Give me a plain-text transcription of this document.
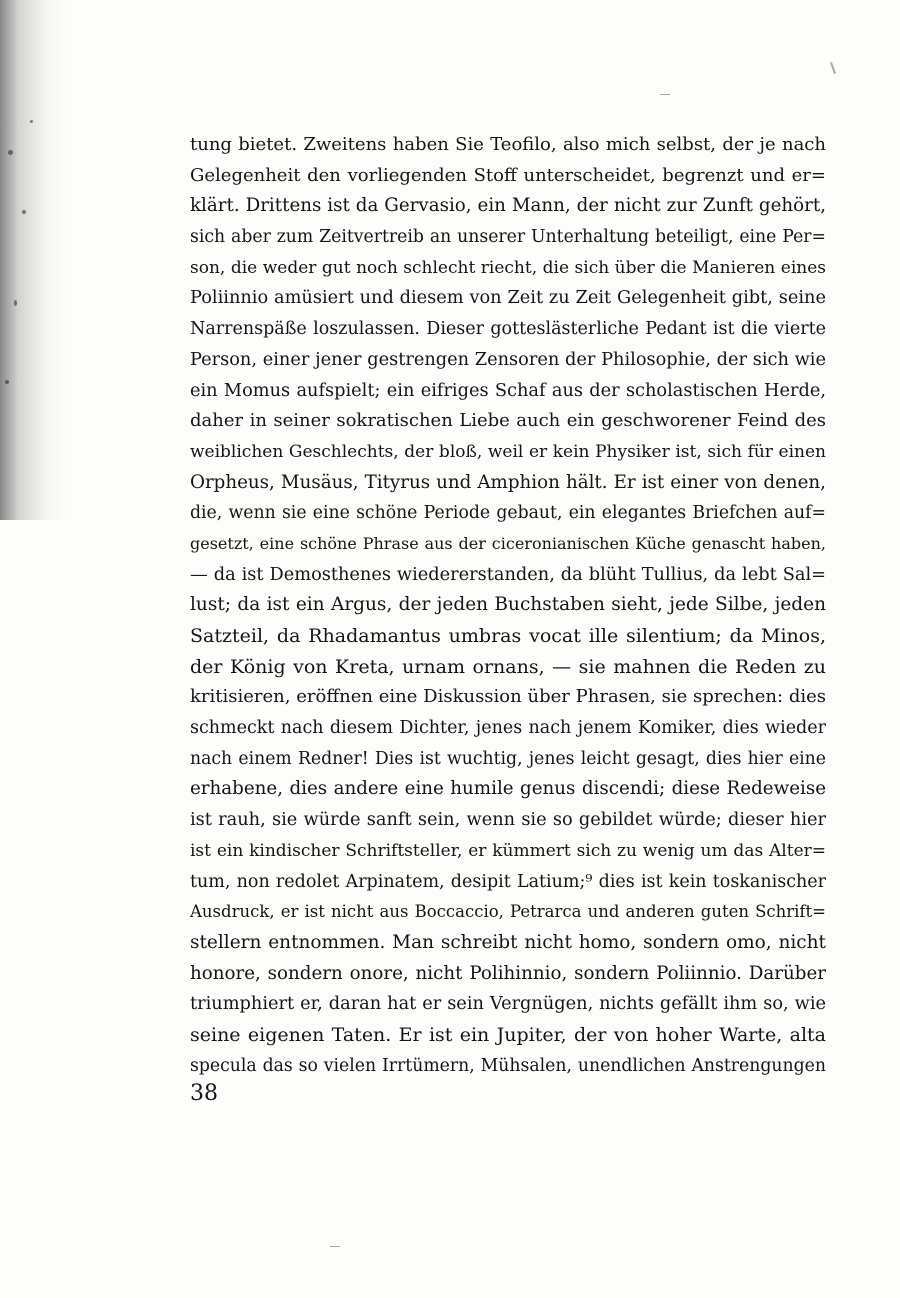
tung bietet. Zweitens haben Sie Teofilo, also mich selbst, der je nach
Gelegenheit den vorliegenden Stoff unterscheidet, begrenzt und er=
klärt. Drittens ist da Gervasio, ein Mann, der nicht zur Zunft gehört,
sich aber zum Zeitvertreib an unserer Unterhaltung beteiligt, eine Per=
son, die weder gut noch schlecht riecht, die sich über die Manieren eines
Poliinnio amüsiert und diesem von Zeit zu Zeit Gelegenheit gibt, seine
Narrenspäße loszulassen. Dieser gotteslästerliche Pedant ist die vierte
Person, einer jener gestrengen Zensoren der Philosophie, der sich wie
ein Momus aufspielt; ein eifriges Schaf aus der scholastischen Herde,
daher in seiner sokratischen Liebe auch ein geschworener Feind des
weiblichen Geschlechts, der bloß, weil er kein Physiker ist, sich für einen
Orpheus, Musäus, Tityrus und Amphion hält. Er ist einer von denen,
die, wenn sie eine schöne Periode gebaut, ein elegantes Briefchen auf=
gesetzt, eine schöne Phrase aus der ciceronianischen Küche genascht haben,
— da ist Demosthenes wiedererstanden, da blüht Tullius, da lebt Sal=
lust; da ist ein Argus, der jeden Buchstaben sieht, jede Silbe, jeden
Satzteil, da Rhadamantus umbras vocat ille silentium; da Minos,
der König von Kreta, urnam ornans, — sie mahnen die Reden zu
kritisieren, eröffnen eine Diskussion über Phrasen, sie sprechen: dies
schmeckt nach diesem Dichter, jenes nach jenem Komiker, dies wieder
nach einem Redner! Dies ist wuchtig, jenes leicht gesagt, dies hier eine
erhabene, dies andere eine humile genus discendi; diese Redeweise
ist rauh, sie würde sanft sein, wenn sie so gebildet würde; dieser hier
ist ein kindischer Schriftsteller, er kümmert sich zu wenig um das Alter=
tum, non redolet Arpinatem, desipit Latium;⁹ dies ist kein toskanischer
Ausdruck, er ist nicht aus Boccaccio, Petrarca und anderen guten Schrift=
stellern entnommen. Man schreibt nicht homo, sondern omo, nicht
honore, sondern onore, nicht Polihinnio, sondern Poliinnio. Darüber
triumphiert er, daran hat er sein Vergnügen, nichts gefällt ihm so, wie
seine eigenen Taten. Er ist ein Jupiter, der von hoher Warte, alta
specula das so vielen Irrtümern, Mühsalen, unendlichen Anstrengungen
38
